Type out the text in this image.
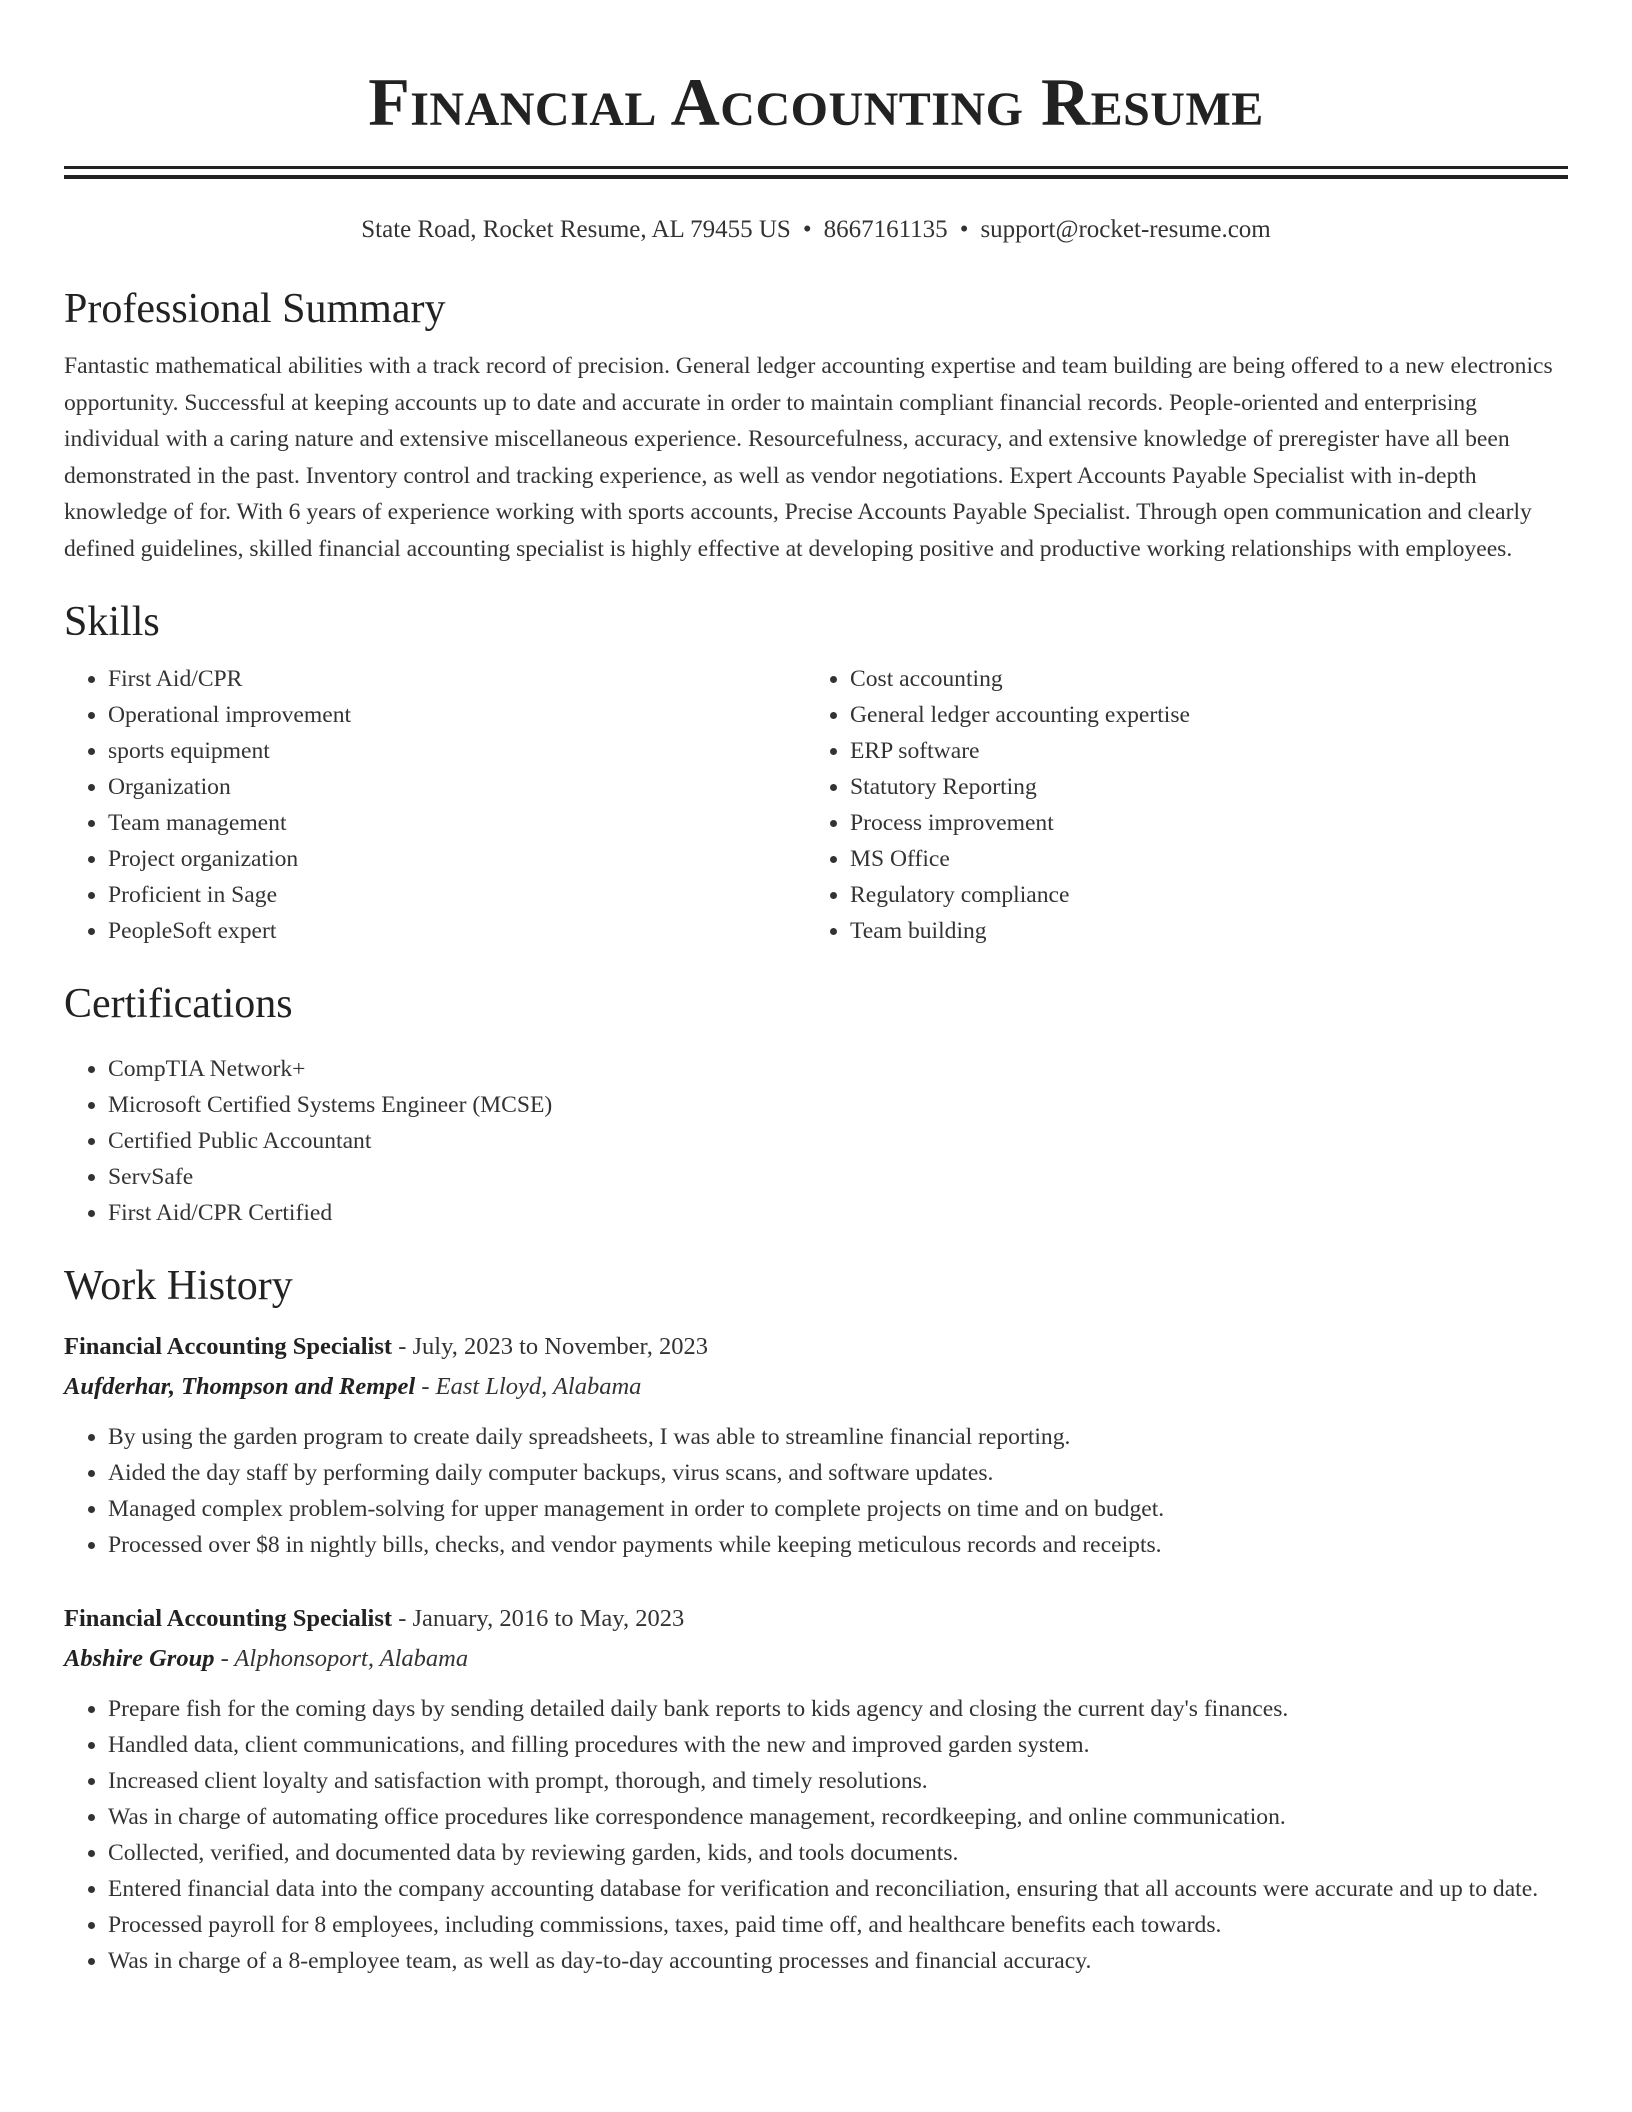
Financial Accounting Resume
State Road, Rocket Resume, AL 79455 US • 8667161135 • support@rocket-resume.com
Professional Summary

Fantastic mathematical abilities with a track record of precision. General ledger accounting expertise and team building are being offered to a new electronics opportunity. Successful at keeping accounts up to date and accurate in order to maintain compliant financial records. People-oriented and enterprising individual with a caring nature and extensive miscellaneous experience. Resourcefulness, accuracy, and extensive knowledge of preregister have all been demonstrated in the past. Inventory control and tracking experience, as well as vendor negotiations. Expert Accounts Payable Specialist with in-depth knowledge of for. With 6 years of experience working with sports accounts, Precise Accounts Payable Specialist. Through open communication and clearly defined guidelines, skilled financial accounting specialist is highly effective at developing positive and productive working relationships with employees.

Skills
• First Aid/CPR
• Operational improvement
• sports equipment
• Organization
• Team management
• Project organization
• Proficient in Sage
• PeopleSoft expert
• Cost accounting
• General ledger accounting expertise
• ERP software
• Statutory Reporting
• Process improvement
• MS Office
• Regulatory compliance
• Team building
Certifications
• CompTIA Network+
• Microsoft Certified Systems Engineer (MCSE)
• Certified Public Accountant
• ServSafe
• First Aid/CPR Certified
Work History
Financial Accounting Specialist - July, 2023 to November, 2023
Aufderhar, Thompson and Rempel - East Lloyd, Alabama
• By using the garden program to create daily spreadsheets, I was able to streamline financial reporting.
• Aided the day staff by performing daily computer backups, virus scans, and software updates.
• Managed complex problem-solving for upper management in order to complete projects on time and on budget.
• Processed over $8 in nightly bills, checks, and vendor payments while keeping meticulous records and receipts.
Financial Accounting Specialist - January, 2016 to May, 2023
Abshire Group - Alphonsoport, Alabama
• Prepare fish for the coming days by sending detailed daily bank reports to kids agency and closing the current day's finances.
• Handled data, client communications, and filling procedures with the new and improved garden system.
• Increased client loyalty and satisfaction with prompt, thorough, and timely resolutions.
• Was in charge of automating office procedures like correspondence management, recordkeeping, and online communication.
• Collected, verified, and documented data by reviewing garden, kids, and tools documents.
• Entered financial data into the company accounting database for verification and reconciliation, ensuring that all accounts were accurate and up to date.
• Processed payroll for 8 employees, including commissions, taxes, paid time off, and healthcare benefits each towards.
• Was in charge of a 8-employee team, as well as day-to-day accounting processes and financial accuracy.
